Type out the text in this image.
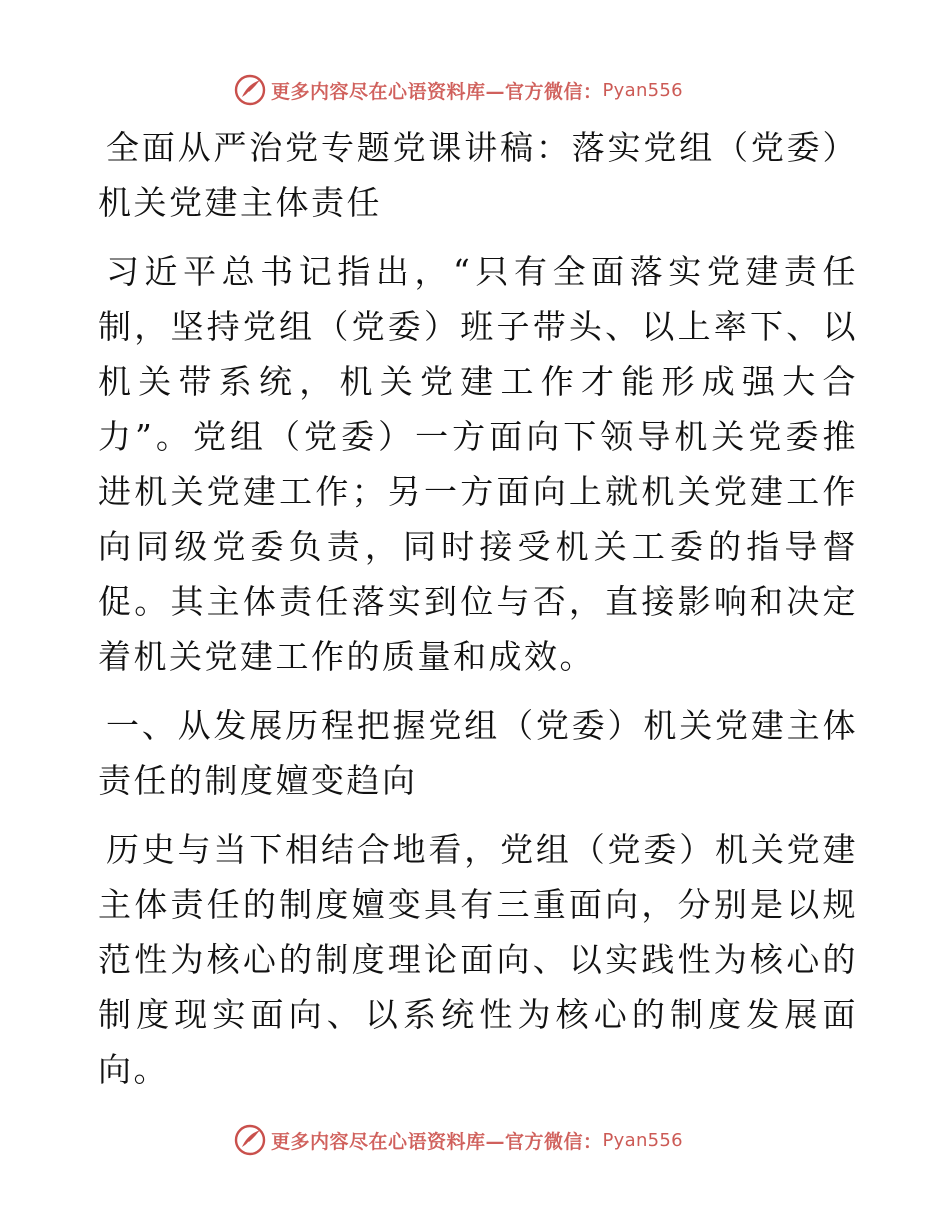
更多内容尽在心语资料库—官方微信： Pyan556

全面从严治党专题党课讲稿：落实党组（党委）机关党建主体责任

习近平总书记指出，“只有全面落实党建责任制，坚持党组（党委）班子带头、以上率下、以机关带系统，机关党建工作才能形成强大合力”。党组（党委）一方面向下领导机关党委推进机关党建工作；另一方面向上就机关党建工作向同级党委负责，同时接受机关工委的指导督促。其主体责任落实到位与否，直接影响和决定着机关党建工作的质量和成效。

一、从发展历程把握党组（党委）机关党建主体责任的制度嬗变趋向

历史与当下相结合地看，党组（党委）机关党建主体责任的制度嬗变具有三重面向，分别是以规范性为核心的制度理论面向、以实践性为核心的制度现实面向、以系统性为核心的制度发展面向。

更多内容尽在心语资料库—官方微信： Pyan556
